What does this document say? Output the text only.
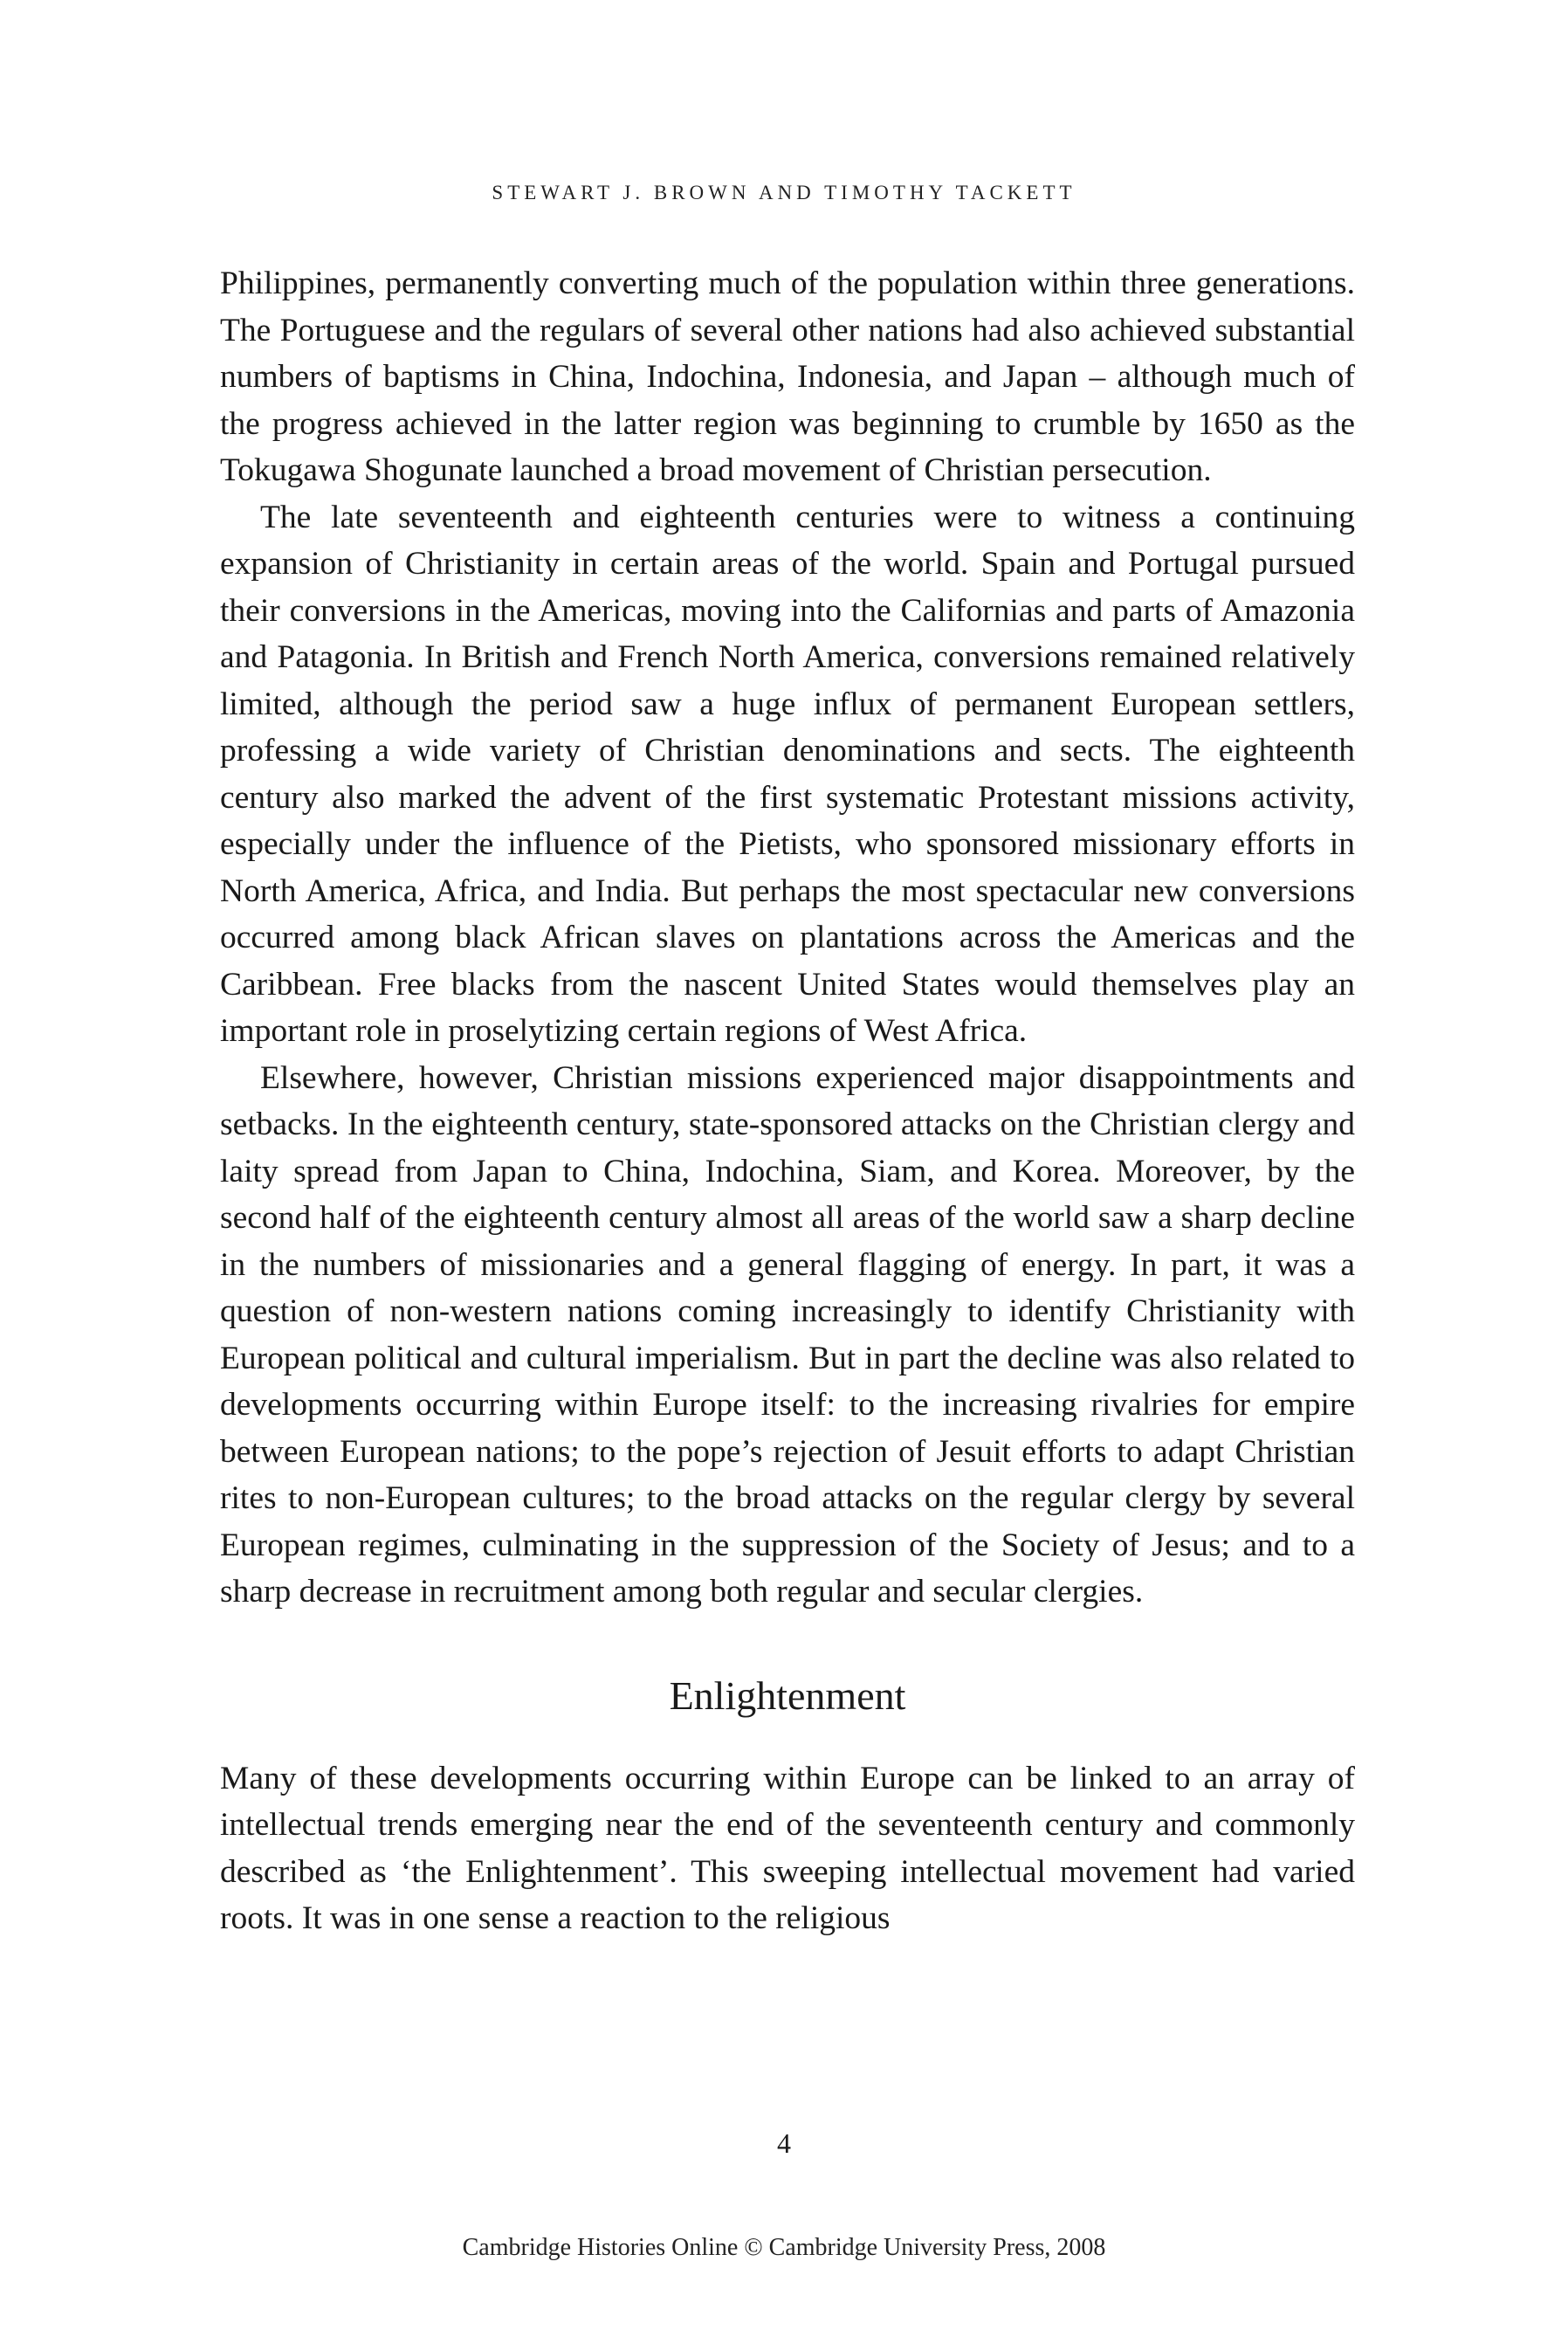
STEWART J. BROWN AND TIMOTHY TACKETT

Philippines, permanently converting much of the population within three generations. The Portuguese and the regulars of several other nations had also achieved substantial numbers of baptisms in China, Indochina, Indonesia, and Japan – although much of the progress achieved in the latter region was beginning to crumble by 1650 as the Tokugawa Shogunate launched a broad movement of Christian persecution.

The late seventeenth and eighteenth centuries were to witness a continuing expansion of Christianity in certain areas of the world. Spain and Portugal pursued their conversions in the Americas, moving into the Californias and parts of Amazonia and Patagonia. In British and French North America, conversions remained relatively limited, although the period saw a huge influx of permanent European settlers, professing a wide variety of Christian denominations and sects. The eighteenth century also marked the advent of the first systematic Protestant missions activity, especially under the influence of the Pietists, who sponsored missionary efforts in North America, Africa, and India. But perhaps the most spectacular new conversions occurred among black African slaves on plantations across the Americas and the Caribbean. Free blacks from the nascent United States would themselves play an important role in proselytizing certain regions of West Africa.

Elsewhere, however, Christian missions experienced major disappointments and setbacks. In the eighteenth century, state-sponsored attacks on the Christian clergy and laity spread from Japan to China, Indochina, Siam, and Korea. Moreover, by the second half of the eighteenth century almost all areas of the world saw a sharp decline in the numbers of missionaries and a general flagging of energy. In part, it was a question of non-western nations coming increasingly to identify Christianity with European political and cultural imperialism. But in part the decline was also related to developments occurring within Europe itself: to the increasing rivalries for empire between European nations; to the pope’s rejection of Jesuit efforts to adapt Christian rites to non-European cultures; to the broad attacks on the regular clergy by several European regimes, culminating in the suppression of the Society of Jesus; and to a sharp decrease in recruitment among both regular and secular clergies.

Enlightenment

Many of these developments occurring within Europe can be linked to an array of intellectual trends emerging near the end of the seventeenth century and commonly described as ‘the Enlightenment’. This sweeping intellectual movement had varied roots. It was in one sense a reaction to the religious

4
Cambridge Histories Online © Cambridge University Press, 2008
